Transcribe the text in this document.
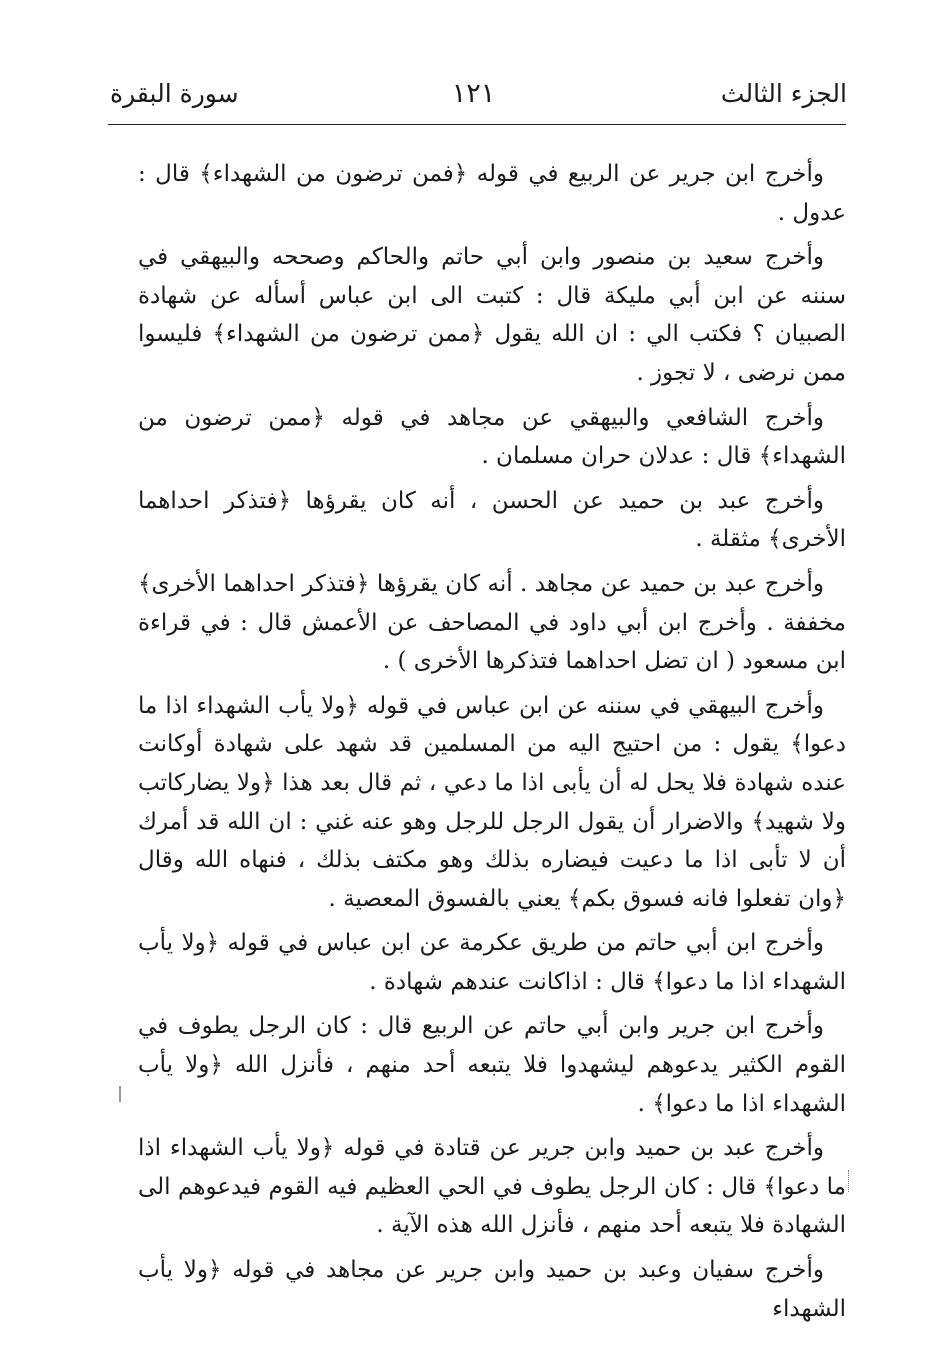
الجزء الثالث
١٢١
سورة البقرة

وأخرج ابن جرير عن الربيع في قوله ﴿فمن ترضون من الشهداء﴾ قال : عدول .

وأخرج سعيد بن منصور وابن أبي حاتم والحاكم وصححه والبيهقي في سننه عن ابن أبي مليكة قال : كتبت الى ابن عباس أسأله عن شهادة الصبيان ؟ فكتب الي : ان الله يقول ﴿ممن ترضون من الشهداء﴾ فليسوا ممن نرضى ، لا تجوز .

وأخرج الشافعي والبيهقي عن مجاهد في قوله ﴿ممن ترضون من الشهداء﴾ قال : عدلان حران مسلمان .

وأخرج عبد بن حميد عن الحسن ، أنه كان يقرؤها ﴿فتذكر احداهما الأخرى﴾ مثقلة .

وأخرج عبد بن حميد عن مجاهد . أنه كان يقرؤها ﴿فتذكر احداهما الأخرى﴾ مخففة . وأخرج ابن أبي داود في المصاحف عن الأعمش قال : في قراءة ابن مسعود ( ان تضل احداهما فتذكرها الأخرى ) .

وأخرج البيهقي في سننه عن ابن عباس في قوله ﴿ولا يأب الشهداء اذا ما دعوا﴾ يقول : من احتيج اليه من المسلمين قد شهد على شهادة أوكانت عنده شهادة فلا يحل له أن يأبى اذا ما دعي ، ثم قال بعد هذا ﴿ولا يضاركاتب ولا شهيد﴾ والاضرار أن يقول الرجل للرجل وهو عنه غني : ان الله قد أمرك أن لا تأبى اذا ما دعيت فيضاره بذلك وهو مكتف بذلك ، فنهاه الله وقال ﴿وان تفعلوا فانه فسوق بكم﴾ يعني بالفسوق المعصية .

وأخرج ابن أبي حاتم من طريق عكرمة عن ابن عباس في قوله ﴿ولا يأب الشهداء اذا ما دعوا﴾ قال : اذاكانت عندهم شهادة .

وأخرج ابن جرير وابن أبي حاتم عن الربيع قال : كان الرجل يطوف في القوم الكثير يدعوهم ليشهدوا فلا يتبعه أحد منهم ، فأنزل الله ﴿ولا يأب الشهداء اذا ما دعوا﴾ .

وأخرج عبد بن حميد وابن جرير عن قتادة في قوله ﴿ولا يأب الشهداء اذا ما دعوا﴾ قال : كان الرجل يطوف في الحي العظيم فيه القوم فيدعوهم الى الشهادة فلا يتبعه أحد منهم ، فأنزل الله هذه الآية .

وأخرج سفيان وعبد بن حميد وابن جرير عن مجاهد في قوله ﴿ولا يأب الشهداء
